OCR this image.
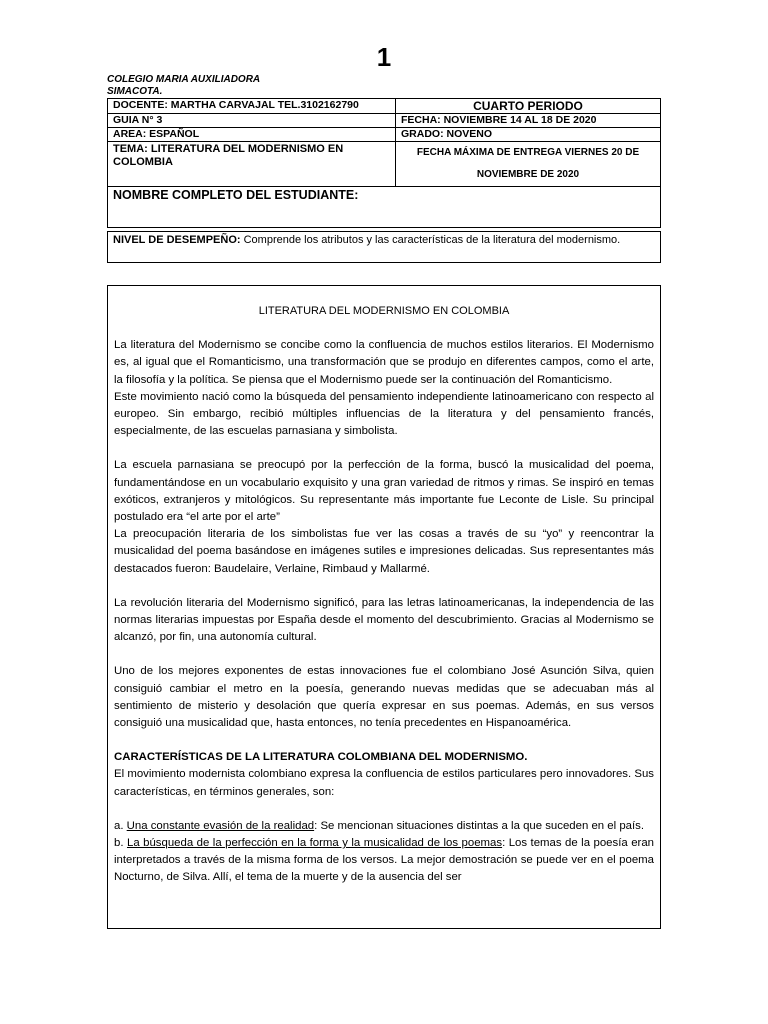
1
COLEGIO MARIA AUXILIADORA
SIMACOTA.
DOCENTE: MARTHA CARVAJAL TEL.3102162790	CUARTO PERIODO
GUIA N° 3	FECHA: NOVIEMBRE 14 AL 18 DE 2020
AREA: ESPAÑOL	GRADO: NOVENO
TEMA: LITERATURA DEL MODERNISMO EN COLOMBIA	FECHA MÁXIMA DE ENTREGA VIERNES 20 DE
NOVIEMBRE DE 2020

NOMBRE COMPLETO DEL ESTUDIANTE:	
NIVEL DE DESEMPEÑO: Comprende los atributos y las características de la literatura del modernismo.

LITERATURA DEL MODERNISMO EN COLOMBIA

La literatura del Modernismo se concibe como la confluencia de muchos estilos literarios. El Modernismo es, al igual que el Romanticismo, una transformación que se produjo en diferentes campos, como el arte, la filosofía y la política. Se piensa que el Modernismo puede ser la continuación del Romanticismo.

Este movimiento nació como la búsqueda del pensamiento independiente latinoamericano con respecto al europeo. Sin embargo, recibió múltiples influencias de la literatura y del pensamiento francés, especialmente, de las escuelas parnasiana y simbolista.

La escuela parnasiana se preocupó por la perfección de la forma, buscó la musicalidad del poema, fundamentándose en un vocabulario exquisito y una gran variedad de ritmos y rimas. Se inspiró en temas exóticos, extranjeros y mitológicos. Su representante más importante fue Leconte de Lisle. Su principal postulado era “el arte por el arte”

La preocupación literaria de los simbolistas fue ver las cosas a través de su “yo” y reencontrar la musicalidad del poema basándose en imágenes sutiles e impresiones delicadas. Sus representantes más destacados fueron: Baudelaire, Verlaine, Rimbaud y Mallarmé.

La revolución literaria del Modernismo significó, para las letras latinoamericanas, la independencia de las normas literarias impuestas por España desde el momento del descubrimiento. Gracias al Modernismo se alcanzó, por fin, una autonomía cultural.

Uno de los mejores exponentes de estas innovaciones fue el colombiano José Asunción Silva, quien consiguió cambiar el metro en la poesía, generando nuevas medidas que se adecuaban más al sentimiento de misterio y desolación que quería expresar en sus poemas. Además, en sus versos consiguió una musicalidad que, hasta entonces, no tenía precedentes en Hispanoamérica.

CARACTERÍSTICAS DE LA LITERATURA COLOMBIANA DEL MODERNISMO.

El movimiento modernista colombiano expresa la confluencia de estilos particulares pero innovadores. Sus características, en términos generales, son:

a. Una constante evasión de la realidad: Se mencionan situaciones distintas a la que suceden en el país.

b. La búsqueda de la perfección en la forma y la musicalidad de los poemas: Los temas de la poesía eran interpretados a través de la misma forma de los versos. La mejor demostración se puede ver en el poema Nocturno, de Silva. Allí, el tema de la muerte y de la ausencia del ser
